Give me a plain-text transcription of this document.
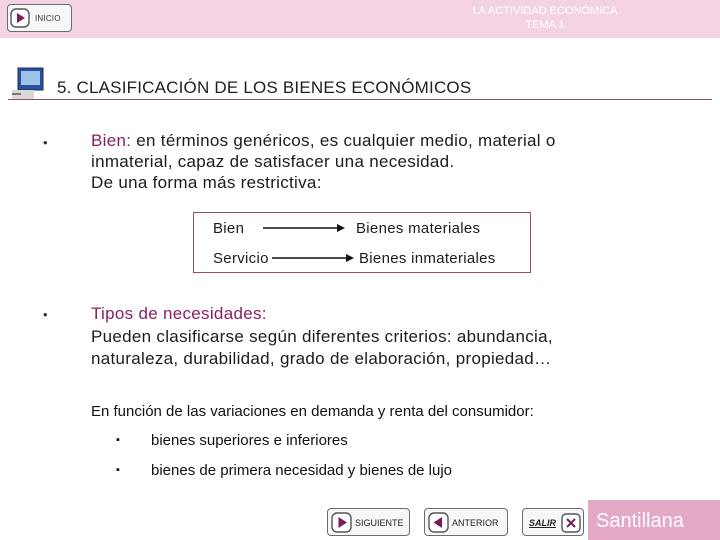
INICIO
LA ACTIVIDAD ECONÓMICA
TEMA 1
5. CLASIFICACIÓN DE LOS BIENES ECONÓMICOS
•	Bien: en términos genéricos, es cualquier medio, material o
inmaterial, capaz de satisfacer una necesidad.
De una forma más restrictiva:
Bien	Bienes materiales
Servicio	Bienes inmateriales
•	Tipos de necesidades:
Pueden clasificarse según diferentes criterios: abundancia,
naturaleza, durabilidad, grado de elaboración, propiedad…
En función de las variaciones en demanda y renta del consumidor:
▪ bienes superiores e inferiores
▪ bienes de primera necesidad y bienes de lujo
SIGUIENTE	ANTERIOR	SALIR Santillana
